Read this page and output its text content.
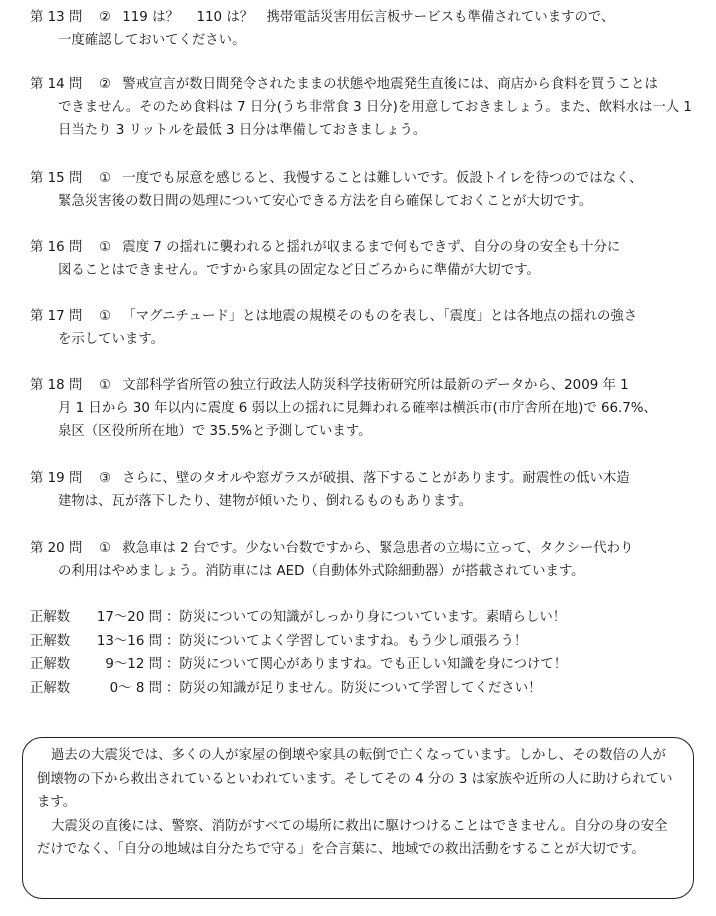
第 13 問 ② 119 は？　 110 は？　携帯電話災害用伝言板サービスも準備されていますので、
一度確認しておいてください。
第 14 問 ② 警戒宣言が数日間発令されたままの状態や地震発生直後には、商店から食料を買うことは
できません。そのため食料は 7 日分(うち非常食 3 日分)を用意しておきましょう。また、飲料水は一人 1
日当たり 3 リットルを最低 3 日分は準備しておきましょう。
第 15 問 ① 一度でも尿意を感じると、我慢することは難しいです。仮設トイレを待つのではなく、
緊急災害後の数日間の処理について安心できる方法を自ら確保しておくことが大切です。
第 16 問 ① 震度 7 の揺れに襲われると揺れが収まるまで何もできず、自分の身の安全も十分に
図ることはできません。ですから家具の固定など日ごろからに準備が大切です。
第 17 問 ① 「マグニチュード」とは地震の規模そのものを表し、「震度」とは各地点の揺れの強さ
を示しています。
第 18 問 ① 文部科学省所管の独立行政法人防災科学技術研究所は最新のデータから、2009 年 1
月 1 日から 30 年以内に震度 6 弱以上の揺れに見舞われる確率は横浜市(市庁舎所在地)で 66.7%、
泉区（区役所所在地）で 35.5%と予測しています。
第 19 問 ③ さらに、壁のタオルや窓ガラスが破損、落下することがあります。耐震性の低い木造
建物は、瓦が落下したり、建物が傾いたり、倒れるものもあります。
第 20 問 ① 救急車は 2 台です。少ない台数ですから、緊急患者の立場に立って、タクシー代わり
の利用はやめましょう。消防車には AED（自動体外式除細動器）が搭載されています。
正解数 17〜20 問 ：防災についての知識がしっかり身についています。素晴らしい！
正解数 13〜16 問 ：防災についてよく学習していますね。もう少し頑張ろう！
正解数	9〜12 問 ：防災について関心がありますね。でも正しい知識を身につけて！
正解数	0〜 8 問 ：防災の知識が足りません。防災について学習してください！
過去の大震災では、多くの人が家屋の倒壊や家具の転倒で亡くなっています。しかし、その数倍の人が倒壊物の下から救出されているといわれています。そしてその 4 分の 3 は家族や近所の人に助けられています。
大震災の直後には、警察、消防がすべての場所に救出に駆けつけることはできません。自分の身の安全だけでなく、「自分の地域は自分たちで守る」を合言葉に、地域での救出活動をすることが大切です。
